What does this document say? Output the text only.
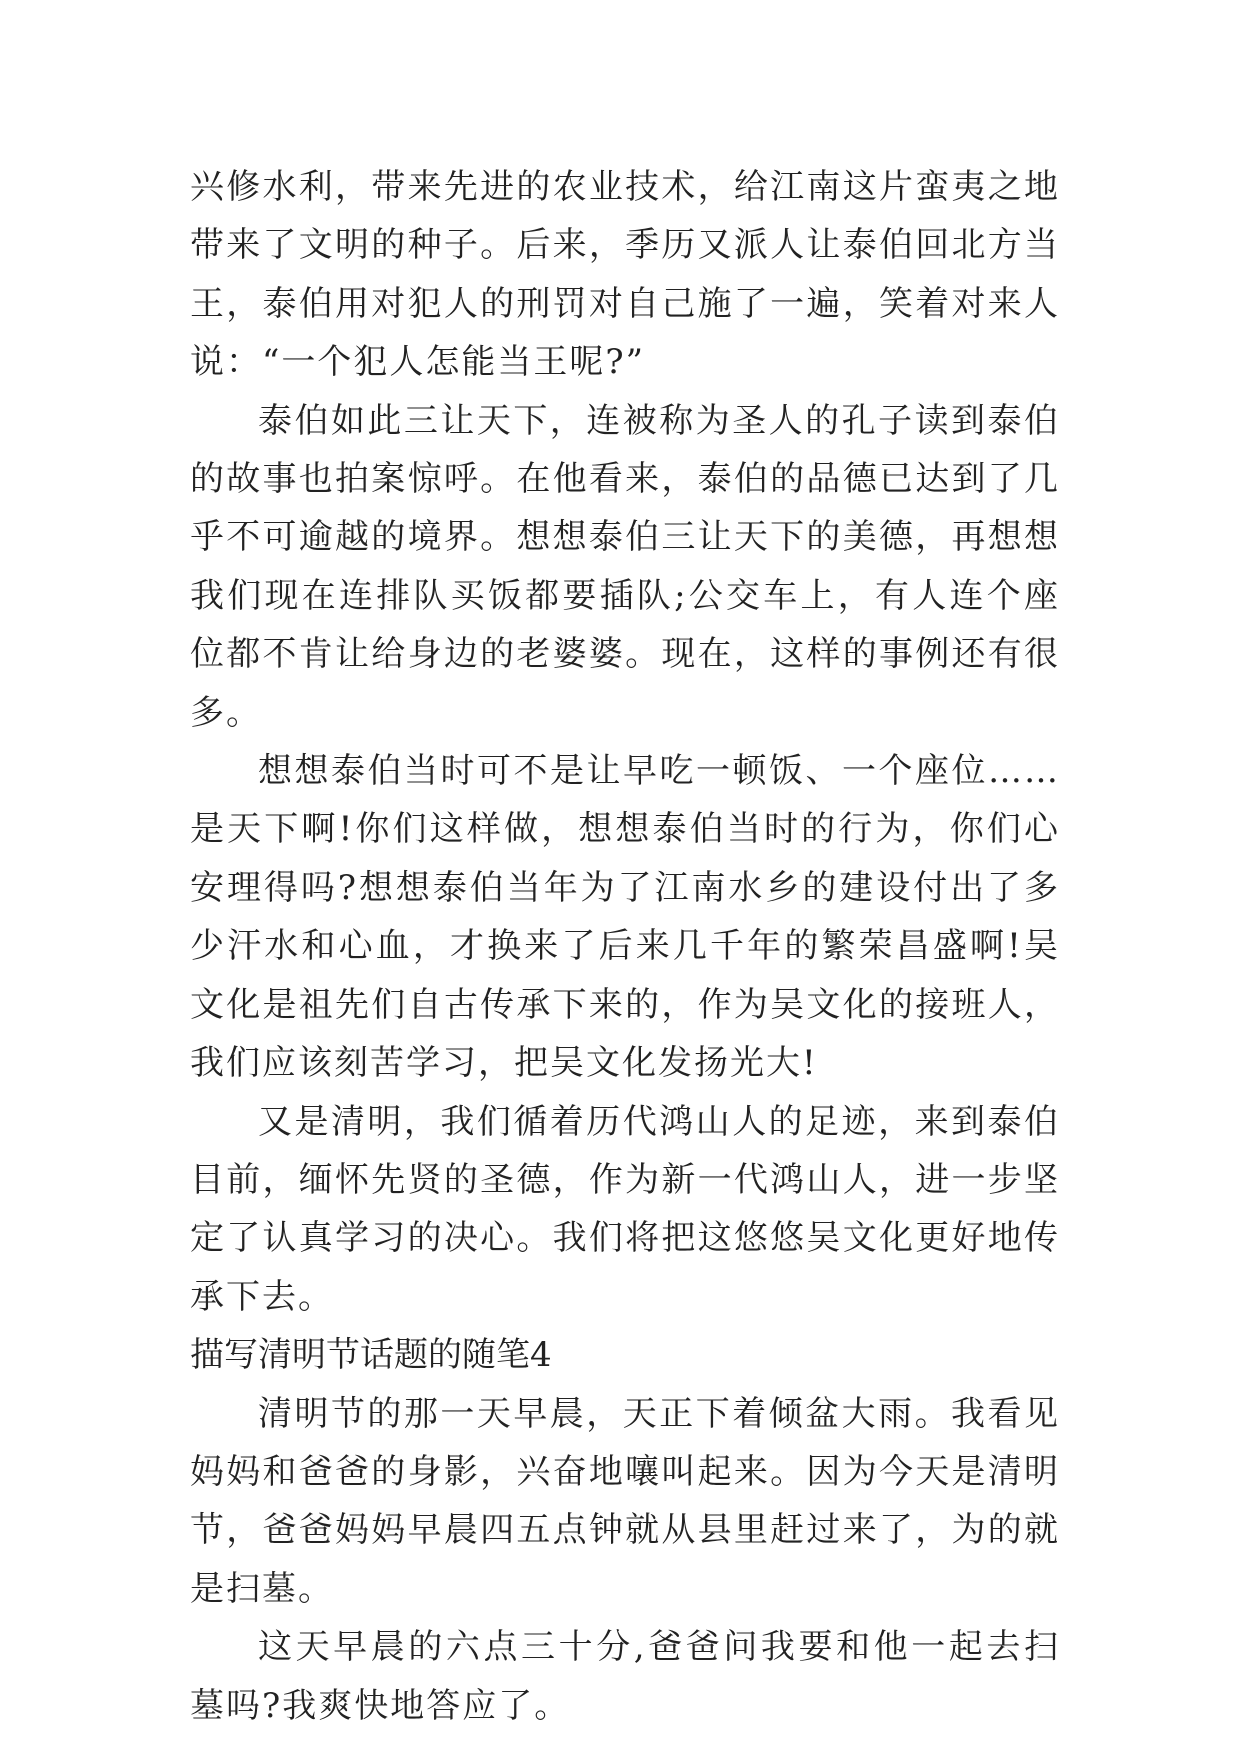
兴修水利，带来先进的农业技术，给江南这片蛮夷之地带来了文明的种子。后来，季历又派人让泰伯回北方当王，泰伯用对犯人的刑罚对自己施了一遍，笑着对来人说：“一个犯人怎能当王呢?”

泰伯如此三让天下，连被称为圣人的孔子读到泰伯的故事也拍案惊呼。在他看来，泰伯的品德已达到了几乎不可逾越的境界。想想泰伯三让天下的美德，再想想我们现在连排队买饭都要插队;公交车上，有人连个座位都不肯让给身边的老婆婆。现在，这样的事例还有很多。

想想泰伯当时可不是让早吃一顿饭、一个座位……是天下啊!你们这样做，想想泰伯当时的行为，你们心安理得吗?想想泰伯当年为了江南水乡的建设付出了多少汗水和心血，才换来了后来几千年的繁荣昌盛啊!吴文化是祖先们自古传承下来的，作为吴文化的接班人，我们应该刻苦学习，把吴文化发扬光大!

又是清明，我们循着历代鸿山人的足迹，来到泰伯目前，缅怀先贤的圣德，作为新一代鸿山人，进一步坚定了认真学习的决心。我们将把这悠悠吴文化更好地传承下去。

描写清明节话题的随笔4

清明节的那一天早晨，天正下着倾盆大雨。我看见妈妈和爸爸的身影，兴奋地嚷叫起来。因为今天是清明节，爸爸妈妈早晨四五点钟就从县里赶过来了，为的就是扫墓。

这天早晨的六点三十分,爸爸问我要和他一起去扫墓吗?我爽快地答应了。
